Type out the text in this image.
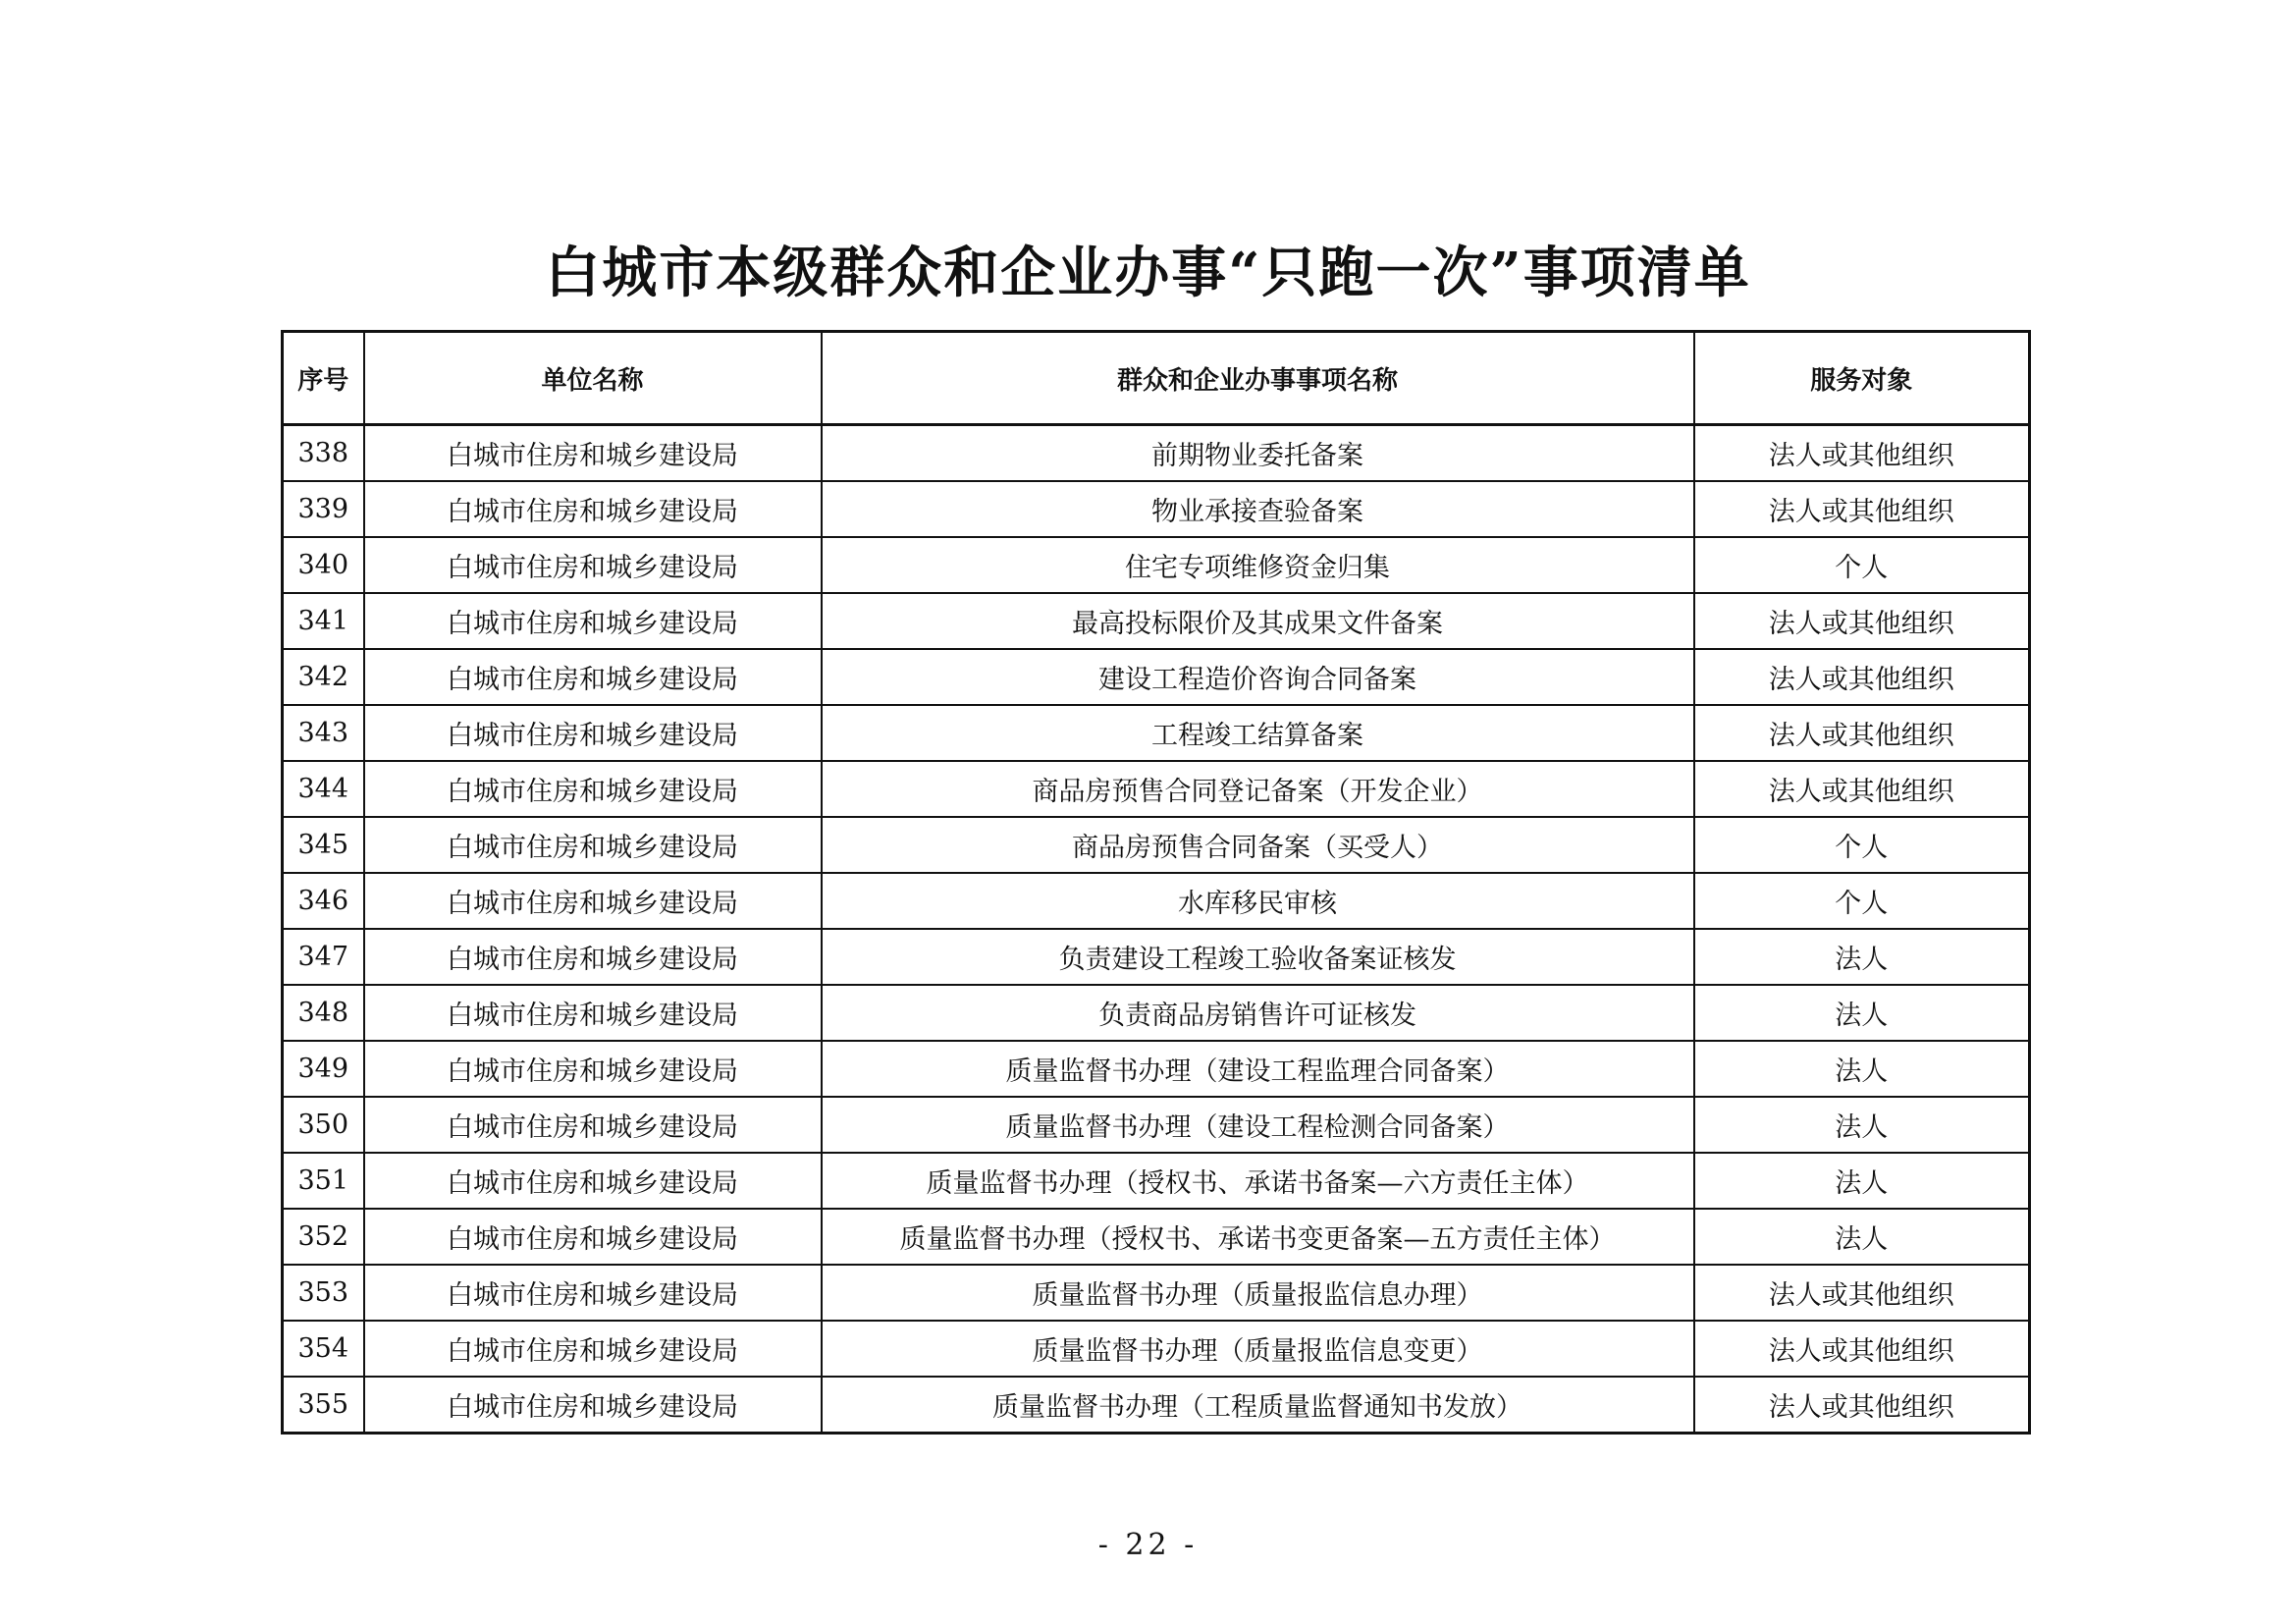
白城市本级群众和企业办事“只跑一次”事项清单
序号	单位名称	群众和企业办事事项名称	服务对象
338	白城市住房和城乡建设局	前期物业委托备案	法人或其他组织
339	白城市住房和城乡建设局	物业承接查验备案	法人或其他组织
340	白城市住房和城乡建设局	住宅专项维修资金归集	个人
341	白城市住房和城乡建设局	最高投标限价及其成果文件备案	法人或其他组织
342	白城市住房和城乡建设局	建设工程造价咨询合同备案	法人或其他组织
343	白城市住房和城乡建设局	工程竣工结算备案	法人或其他组织
344	白城市住房和城乡建设局	商品房预售合同登记备案（开发企业）	法人或其他组织
345	白城市住房和城乡建设局	商品房预售合同备案（买受人）	个人
346	白城市住房和城乡建设局	水库移民审核	个人
347	白城市住房和城乡建设局	负责建设工程竣工验收备案证核发	法人
348	白城市住房和城乡建设局	负责商品房销售许可证核发	法人
349	白城市住房和城乡建设局	质量监督书办理（建设工程监理合同备案）	法人
350	白城市住房和城乡建设局	质量监督书办理（建设工程检测合同备案）	法人
351	白城市住房和城乡建设局	质量监督书办理（授权书、承诺书备案—六方责任主体）	法人
352	白城市住房和城乡建设局	质量监督书办理（授权书、承诺书变更备案—五方责任主体）	法人
353	白城市住房和城乡建设局	质量监督书办理（质量报监信息办理）	法人或其他组织
354	白城市住房和城乡建设局	质量监督书办理（质量报监信息变更）	法人或其他组织
355	白城市住房和城乡建设局	质量监督书办理（工程质量监督通知书发放）	法人或其他组织
- 22 -
